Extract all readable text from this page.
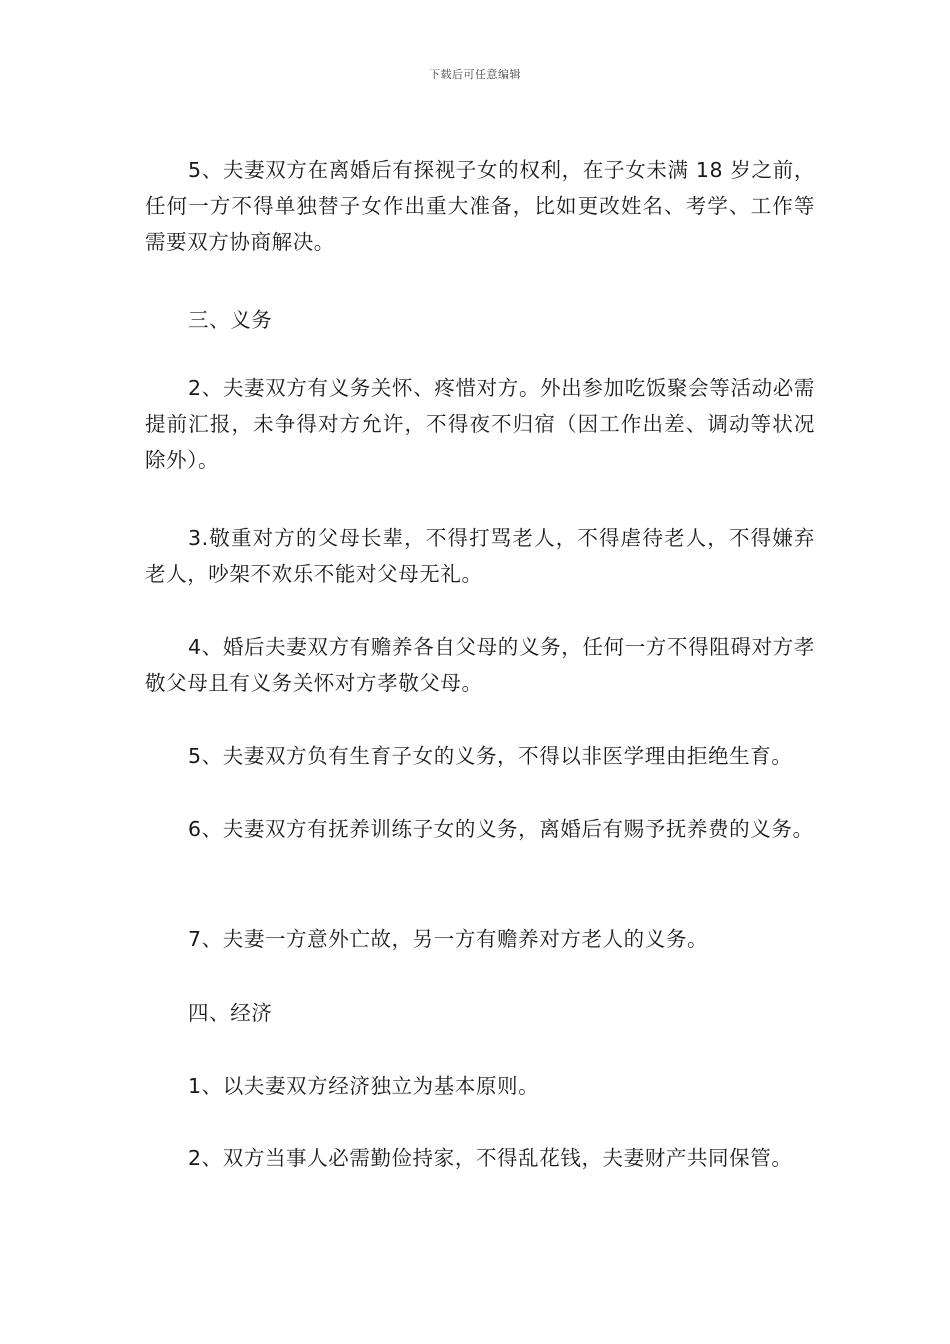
下载后可任意编辑

5、夫妻双方在离婚后有探视子女的权利，在子女未满 18 岁之前，任何一方不得单独替子女作出重大准备，比如更改姓名、考学、工作等需要双方协商解决。

三、义务

2、夫妻双方有义务关怀、疼惜对方。外出参加吃饭聚会等活动必需提前汇报，未争得对方允许，不得夜不归宿（因工作出差、调动等状况除外）。

3.敬重对方的父母长辈，不得打骂老人，不得虐待老人，不得嫌弃老人，吵架不欢乐不能对父母无礼。

4、婚后夫妻双方有赡养各自父母的义务，任何一方不得阻碍对方孝敬父母且有义务关怀对方孝敬父母。

5、夫妻双方负有生育子女的义务，不得以非医学理由拒绝生育。

6、夫妻双方有抚养训练子女的义务，离婚后有赐予抚养费的义务。

7、夫妻一方意外亡故，另一方有赡养对方老人的义务。

四、经济

1、以夫妻双方经济独立为基本原则。

2、双方当事人必需勤俭持家，不得乱花钱，夫妻财产共同保管。
